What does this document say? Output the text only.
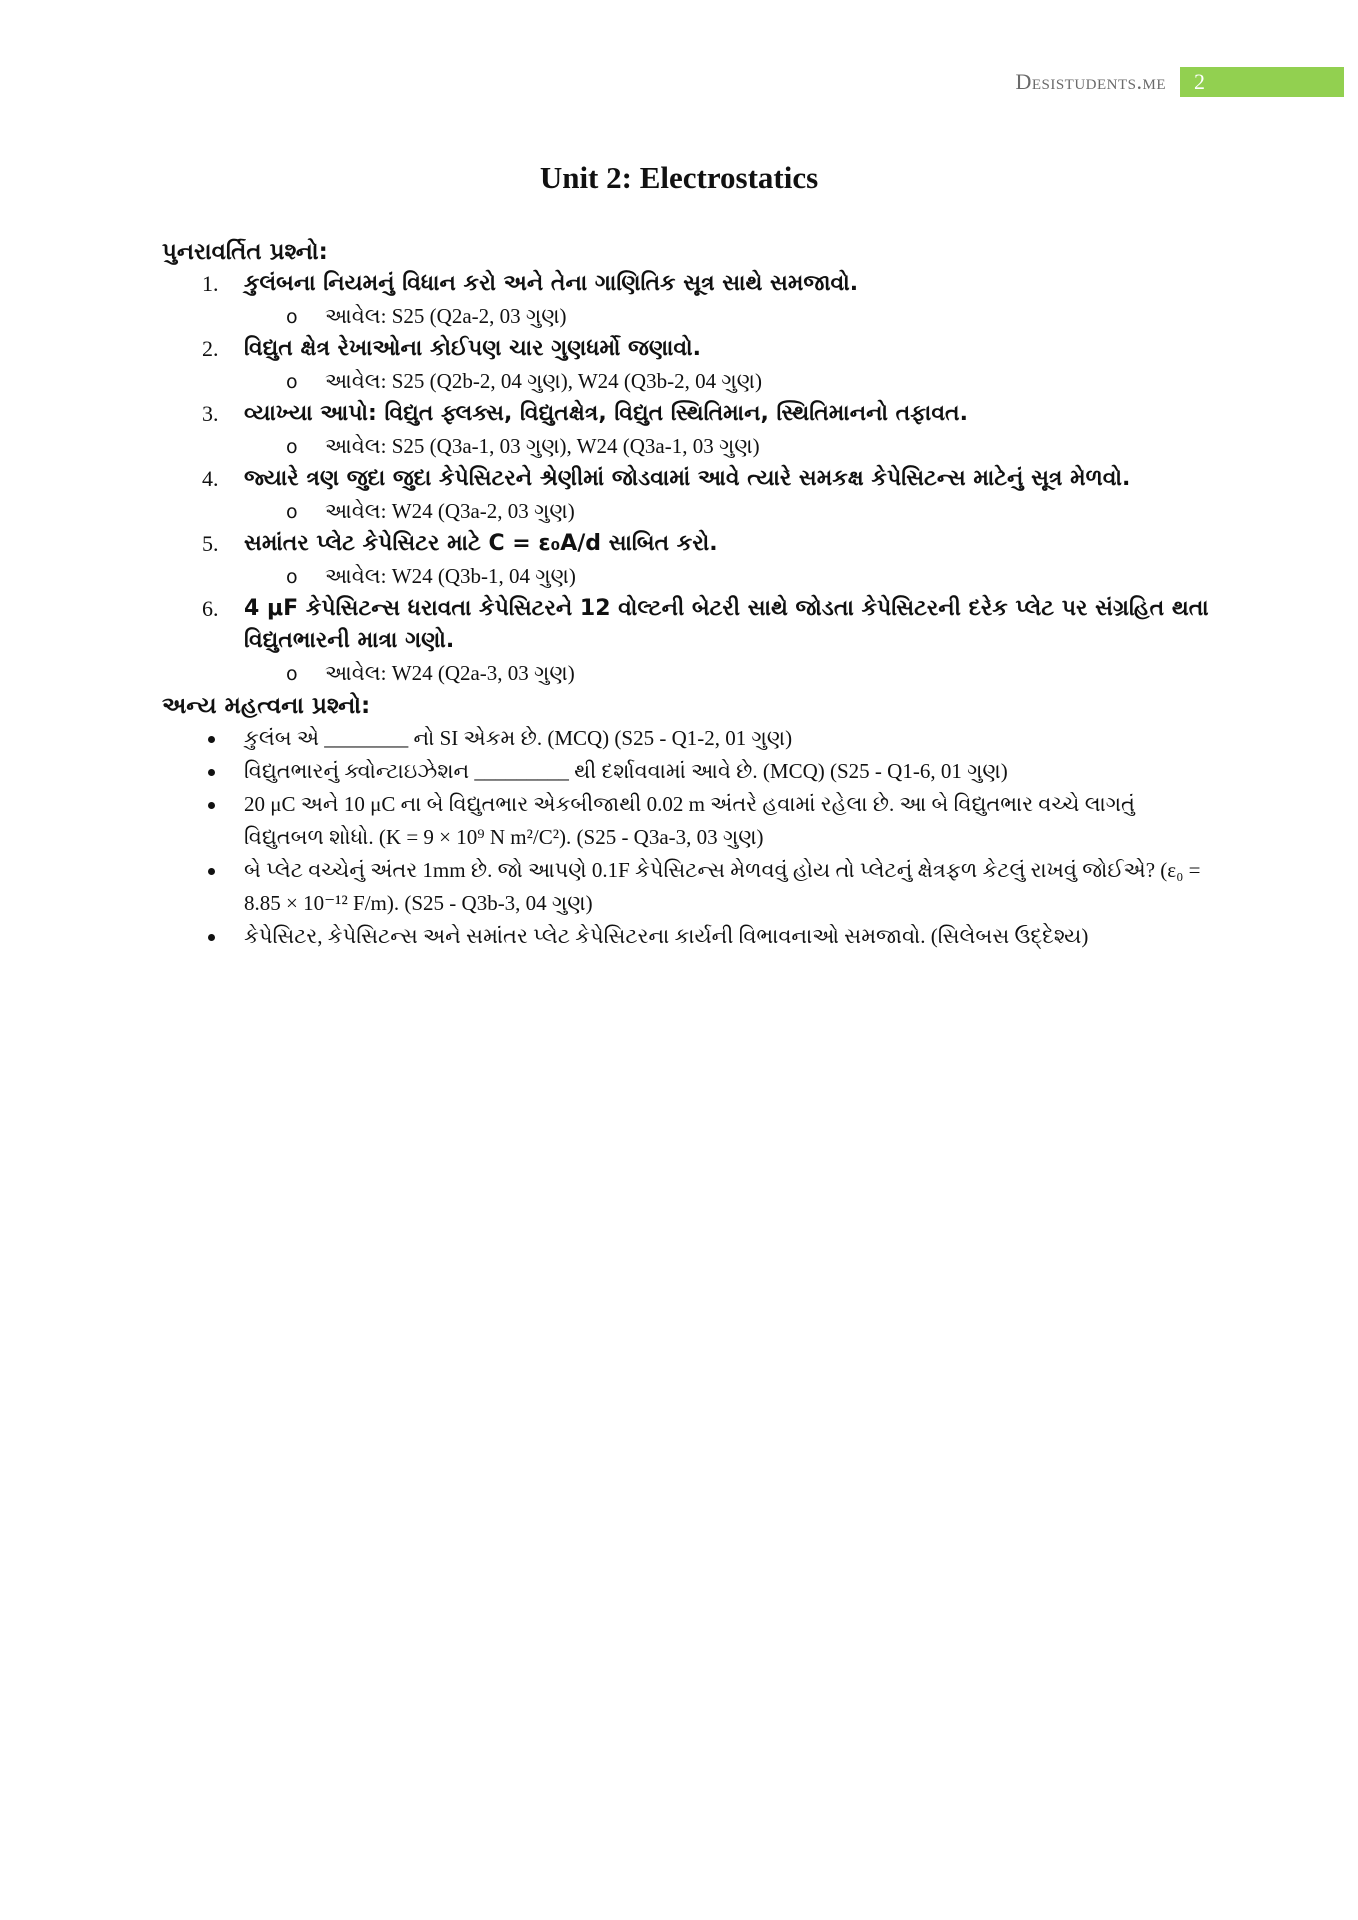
Desistudents.me	2
Unit 2: Electrostatics

પુનરાવર્તિત પ્રશ્નો:

1. કુલંબના નિયમનું વિધાન કરો અને તેના ગાણિતિક સૂત્ર સાથે સમજાવો.

o આવેલ: S25 (Q2a-2, 03 ગુણ)
2. વિદ્યુત ક્ષેત્ર રેખાઓના કોઈપણ ચાર ગુણધર્મો જણાવો.

o આવેલ: S25 (Q2b-2, 04 ગુણ), W24 (Q3b-2, 04 ગુણ)
3. વ્યાખ્યા આપો: વિદ્યુત ફ્લક્સ, વિદ્યુતક્ષેત્ર, વિદ્યુત સ્થિતિમાન, સ્થિતિમાનનો તફાવત.

o આવેલ: S25 (Q3a-1, 03 ગુણ), W24 (Q3a-1, 03 ગુણ)
4. જ્યારે ત્રણ જુદા જુદા કેપેસિટરને શ્રેણીમાં જોડવામાં આવે ત્યારે સમકક્ષ કેપેસિટન્સ માટેનું સૂત્ર મેળવો.

o આવેલ: W24 (Q3a-2, 03 ગુણ)
5. સમાંતર પ્લેટ કેપેસિટર માટે C = ε₀A/d સાબિત કરો.

o આવેલ: W24 (Q3b-1, 04 ગુણ)
6. 4 μF કેપેસિટન્સ ધરાવતા કેપેસિટરને 12 વોલ્ટની બેટરી સાથે જોડતા કેપેસિટરની દરેક પ્લેટ પર સંગ્રહિત થતા વિદ્યુતભારની માત્રા ગણો.

o આવેલ: W24 (Q2a-3, 03 ગુણ)

અન્ય મહત્વના પ્રશ્નો:

કુલંબ એ ________ નો SI એકમ છે. (MCQ) (S25 - Q1-2, 01 ગુણ)
વિદ્યુતભારનું ક્વોન્ટાઇઝેશન _________ થી દર્શાવવામાં આવે છે. (MCQ) (S25 - Q1-6, 01 ગુણ)
20 μC અને 10 μC ના બે વિદ્યુતભાર એકબીજાથી 0.02 m અંતરે હવામાં રહેલા છે. આ બે વિદ્યુતભાર વચ્ચે લાગતું વિદ્યુતબળ શોધો. (K = 9 × 10⁹ N m²/C²). (S25 - Q3a-3, 03 ગુણ)
બે પ્લેટ વચ્ચેનું અંતર 1mm છે. જો આપણે 0.1F કેપેસિટન્સ મેળવવું હોય તો પ્લેટનું ક્ષેત્રફળ કેટલું રાખવું જોઈએ? (ε₀ = 8.85 × 10⁻¹² F/m). (S25 - Q3b-3, 04 ગુણ)
કેપેસિટર, કેપેસિટન્સ અને સમાંતર પ્લેટ કેપેસિટરના કાર્યની વિભાવનાઓ સમજાવો. (સિલેબસ ઉદ્દેશ્ય)
